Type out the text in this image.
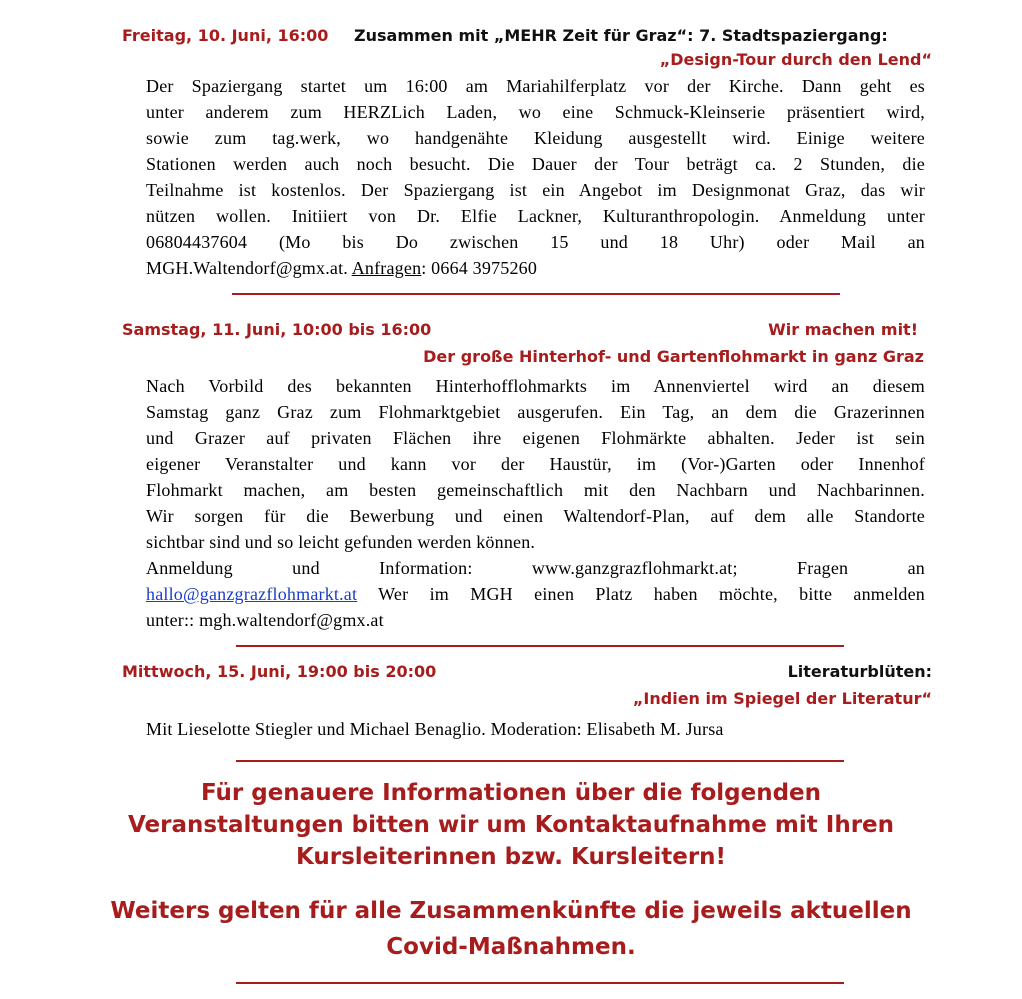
Freitag, 10. Juni, 16:00 Zusammen mit „MEHR Zeit für Graz“: 7. Stadtspaziergang:
„Design-Tour durch den Lend“
Der Spaziergang startet um 16:00 am Mariahilferplatz vor der Kirche. Dann geht es
unter anderem zum HERZLich Laden, wo eine Schmuck-Kleinserie präsentiert wird,
sowie zum tag.werk, wo handgenähte Kleidung ausgestellt wird. Einige weitere
Stationen werden auch noch besucht. Die Dauer der Tour beträgt ca. 2 Stunden, die
Teilnahme ist kostenlos. Der Spaziergang ist ein Angebot im Designmonat Graz, das wir
nützen wollen. Initiiert von Dr. Elfie Lackner, Kulturanthropologin. Anmeldung unter
06804437604 (Mo bis Do zwischen 15 und 18 Uhr) oder Mail an
MGH.Waltendorf@gmx.at. Anfragen: 0664 3975260
Samstag, 11. Juni, 10:00 bis 16:00	Wir machen mit!
Der große Hinterhof- und Gartenflohmarkt in ganz Graz
Nach Vorbild des bekannten Hinterhofflohmarkts im Annenviertel wird an diesem
Samstag ganz Graz zum Flohmarktgebiet ausgerufen. Ein Tag, an dem die Grazerinnen
und Grazer auf privaten Flächen ihre eigenen Flohmärkte abhalten. Jeder ist sein
eigener Veranstalter und kann vor der Haustür, im (Vor-)Garten oder Innenhof
Flohmarkt machen, am besten gemeinschaftlich mit den Nachbarn und Nachbarinnen.
Wir sorgen für die Bewerbung und einen Waltendorf-Plan, auf dem alle Standorte
sichtbar sind und so leicht gefunden werden können.
Anmeldung und Information: www.ganzgrazflohmarkt.at; Fragen an
hallo@ganzgrazflohmarkt.at Wer im MGH einen Platz haben möchte, bitte anmelden
unter:: mgh.waltendorf@gmx.at
Mittwoch, 15. Juni, 19:00 bis 20:00	Literaturblüten:
„Indien im Spiegel der Literatur“
Mit Lieselotte Stiegler und Michael Benaglio. Moderation: Elisabeth M. Jursa
Für genauere Informationen über die folgenden
Veranstaltungen bitten wir um Kontaktaufnahme mit Ihren
Kursleiterinnen bzw. Kursleitern!
Weiters gelten für alle Zusammenkünfte die jeweils aktuellen
Covid-Maßnahmen.
